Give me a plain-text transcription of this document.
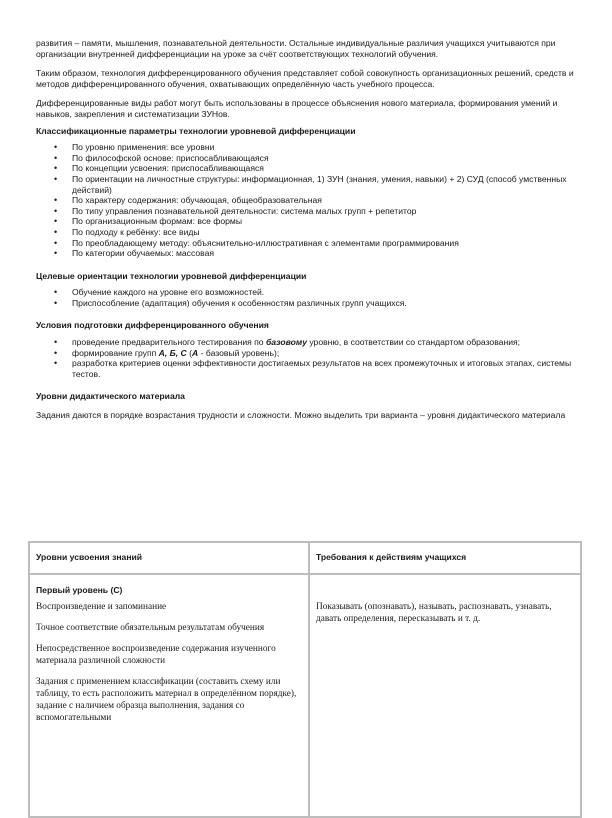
развития – памяти, мышления, познавательной деятельности. Остальные индивидуальные различия учащихся учитываются при организации внутренней дифференциации на уроке за счёт соответствующих технологий обучения.

Таким образом, технология дифференцированного обучения представляет собой совокупность организационных решений, средств и методов дифференцированного обучения, охватывающих определённую часть учебного процесса.

Дифференцированные виды работ могут быть использованы в процессе объяснения нового материала, формирования умений и навыков, закрепления и систематизации ЗУНов.

Классификационные параметры технологии уровневой дифференциации
• По уровню применения: все уровни
• По философской основе: приспосабливающаяся
• По концепции усвоения: приспосабливающаяся
• По ориентации на личностные структуры: информационная, 1) ЗУН (знания, умения, навыки) + 2) СУД (способ умственных действий)
• По характеру содержания: обучающая, общеобразовательная
• По типу управления познавательной деятельности: система малых групп + репетитор
• По организационным формам: все формы
• По подходу к ребёнку: все виды
• По преобладающему методу: объяснительно-иллюстративная с элементами программирования
• По категории обучаемых: массовая
Целевые ориентации технологии уровневой дифференциации
• Обучение каждого на уровне его возможностей.
• Приспособление (адаптация) обучения к особенностям различных групп учащихся.
Условия подготовки дифференцированного обучения
• проведение предварительного тестирования по базовому уровню, в соответствии со стандартом образования;
• формирование групп А, Б, С (А - базовый уровень);
• разработка критериев оценки эффективности достигаемых результатов на всех промежуточных и итоговых этапах, системы тестов.
Уровни дидактического материала

Задания даются в порядке возрастания трудности и сложности. Можно выделить три варианта – уровня дидактического материала

Уровни усвоения знаний	Требования к действиям учащихся

Первый уровень (С)
Воспроизведение и запоминание
Точное соответствие обязательным результатам обучения
Непосредственное воспроизведение содержания изученного материала различной сложности
Задания с применением классификации (составить схему или таблицу, то есть расположить материал в определённом порядке), задание с наличием образца выполнения, задания со вспомогательными	Показывать (опознавать), называть, распознавать, узнавать, давать определения, пересказывать и т. д.
